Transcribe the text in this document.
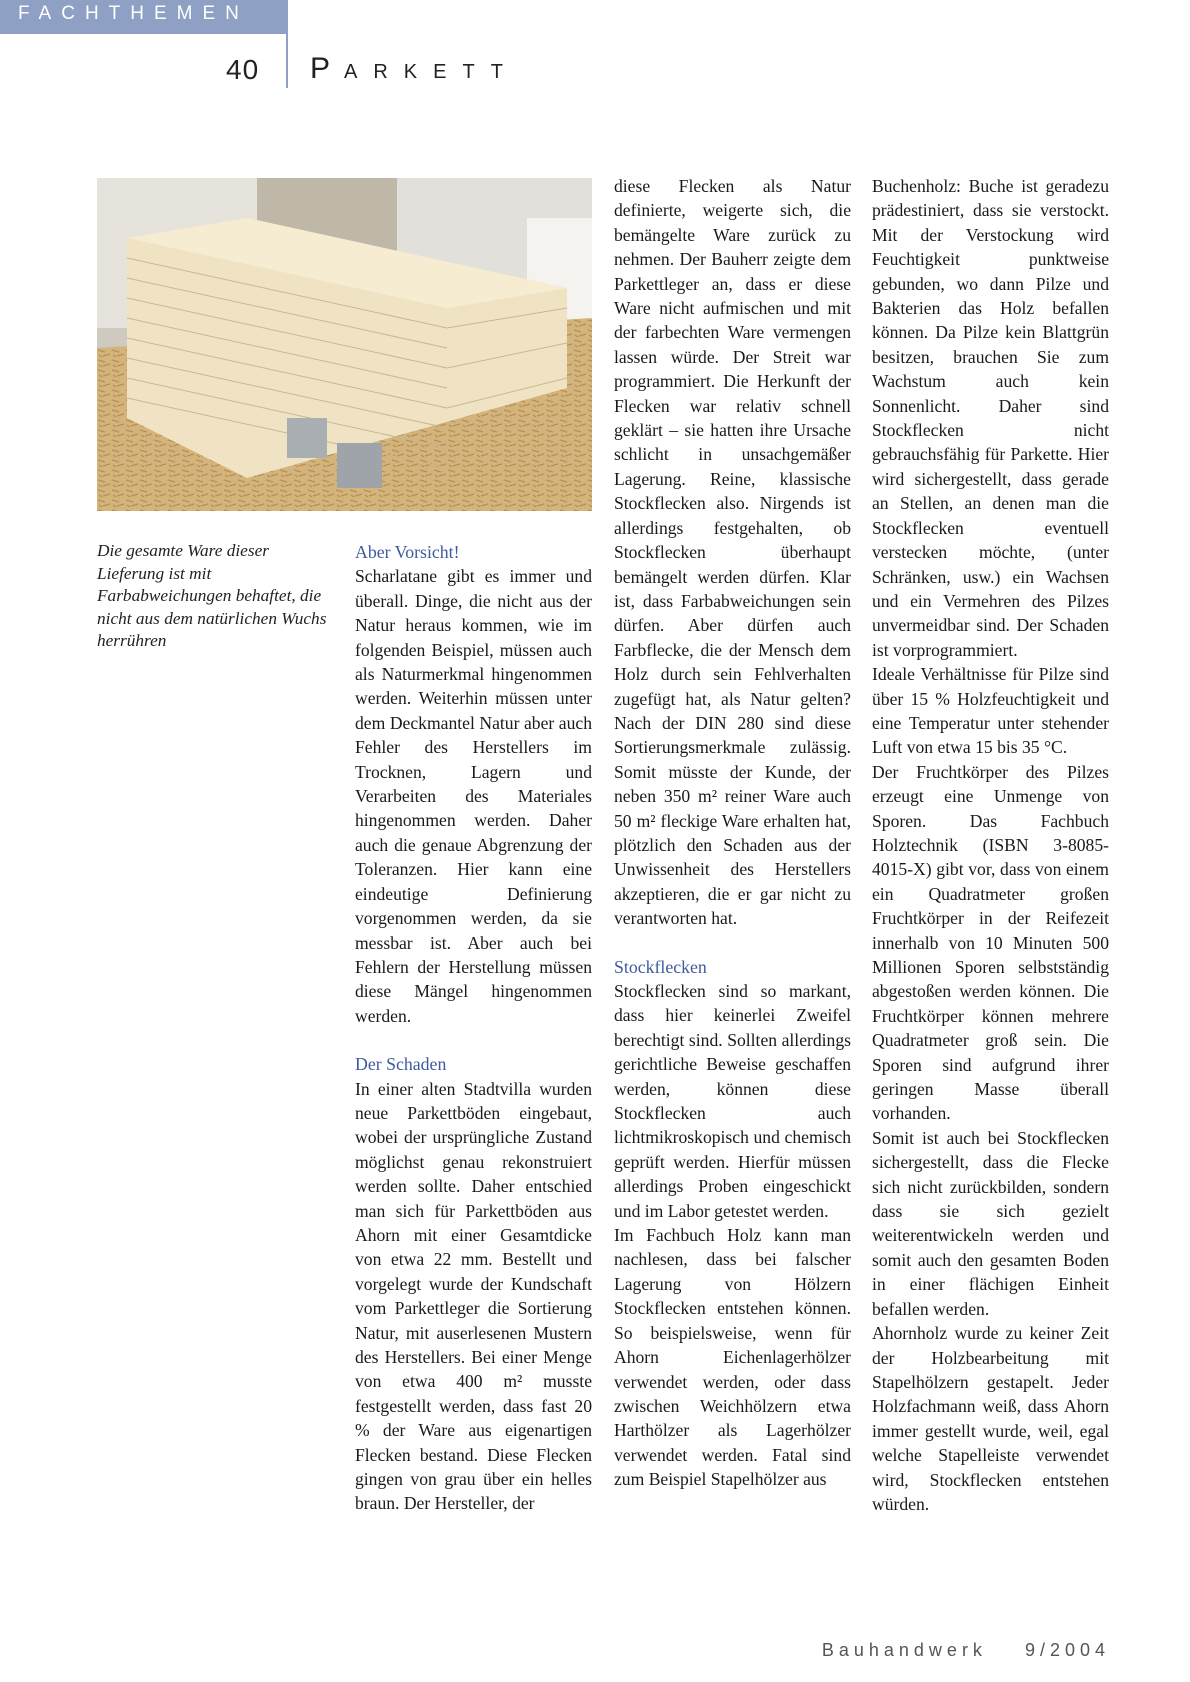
FACHTHEMEN
40 PARKETT
Die gesamte Ware dieser Lieferung ist mit Farbabweichungen behaftet, die nicht aus dem natürlichen Wuchs herrühren
Aber Vorsicht!

Scharlatane gibt es immer und überall. Dinge, die nicht aus der Natur heraus kommen, wie im folgenden Beispiel, müssen auch als Naturmerkmal hingenommen werden. Weiterhin müssen unter dem Deckmantel Natur aber auch Fehler des Herstellers im Trocknen, Lagern und Verarbeiten des Materiales hingenommen werden. Daher auch die genaue Abgrenzung der Toleranzen. Hier kann eine eindeutige Definierung vorgenommen werden, da sie messbar ist. Aber auch bei Fehlern der Herstellung müssen diese Mängel hingenommen werden.

Der Schaden

In einer alten Stadtvilla wurden neue Parkettböden eingebaut, wobei der ursprüngliche Zustand möglichst genau rekonstruiert werden sollte. Daher entschied man sich für Parkettböden aus Ahorn mit einer Gesamtdicke von etwa 22 mm. Bestellt und vorgelegt wurde der Kundschaft vom Parkettleger die Sortierung Natur, mit auserlesenen Mustern des Herstellers. Bei einer Menge von etwa 400 m² musste festgestellt werden, dass fast 20 % der Ware aus eigenartigen Flecken bestand. Diese Flecken gingen von grau über ein helles braun. Der Hersteller, der

diese Flecken als Natur definierte, weigerte sich, die bemängelte Ware zurück zu nehmen. Der Bauherr zeigte dem Parkettleger an, dass er diese Ware nicht aufmischen und mit der farbechten Ware vermengen lassen würde. Der Streit war programmiert. Die Herkunft der Flecken war relativ schnell geklärt – sie hatten ihre Ursache schlicht in unsachgemäßer Lagerung. Reine, klassische Stockflecken also. Nirgends ist allerdings festgehalten, ob Stockflecken überhaupt bemängelt werden dürfen. Klar ist, dass Farbabweichungen sein dürfen. Aber dürfen auch Farbflecke, die der Mensch dem Holz durch sein Fehlverhalten zugefügt hat, als Natur gelten? Nach der DIN 280 sind diese Sortierungsmerkmale zulässig. Somit müsste der Kunde, der neben 350 m² reiner Ware auch 50 m² fleckige Ware erhalten hat, plötzlich den Schaden aus der Unwissenheit des Herstellers akzeptieren, die er gar nicht zu verantworten hat.

Stockflecken

Stockflecken sind so markant, dass hier keinerlei Zweifel berechtigt sind. Sollten allerdings gerichtliche Beweise geschaffen werden, können diese Stockflecken auch lichtmikroskopisch und chemisch geprüft werden. Hierfür müssen allerdings Proben eingeschickt und im Labor getestet werden.

Im Fachbuch Holz kann man nachlesen, dass bei falscher Lagerung von Hölzern Stockflecken entstehen können. So beispielsweise, wenn für Ahorn Eichenlagerhölzer verwendet werden, oder dass zwischen Weichhölzern etwa Harthölzer als Lagerhölzer verwendet werden. Fatal sind zum Beispiel Stapelhölzer aus

Buchenholz: Buche ist geradezu prädestiniert, dass sie verstockt. Mit der Verstockung wird Feuchtigkeit punktweise gebunden, wo dann Pilze und Bakterien das Holz befallen können. Da Pilze kein Blattgrün besitzen, brauchen Sie zum Wachstum auch kein Sonnenlicht. Daher sind Stockflecken nicht gebrauchsfähig für Parkette. Hier wird sichergestellt, dass gerade an Stellen, an denen man die Stockflecken eventuell verstecken möchte, (unter Schränken, usw.) ein Wachsen und ein Vermehren des Pilzes unvermeidbar sind. Der Schaden ist vorprogrammiert.

Ideale Verhältnisse für Pilze sind über 15 % Holzfeuchtigkeit und eine Temperatur unter stehender Luft von etwa 15 bis 35 °C.

Der Fruchtkörper des Pilzes erzeugt eine Unmenge von Sporen. Das Fachbuch Holztechnik (ISBN 3-8085-4015-X) gibt vor, dass von einem ein Quadratmeter großen Fruchtkörper in der Reifezeit innerhalb von 10 Minuten 500 Millionen Sporen selbstständig abgestoßen werden können. Die Fruchtkörper können mehrere Quadratmeter groß sein. Die Sporen sind aufgrund ihrer geringen Masse überall vorhanden.

Somit ist auch bei Stockflecken sichergestellt, dass die Flecke sich nicht zurückbilden, sondern dass sie sich gezielt weiterentwickeln werden und somit auch den gesamten Boden in einer flächigen Einheit befallen werden.

Ahornholz wurde zu keiner Zeit der Holzbearbeitung mit Stapelhölzern gestapelt. Jeder Holzfachmann weiß, dass Ahorn immer gestellt wurde, weil, egal welche Stapelleiste verwendet wird, Stockflecken entstehen würden.

Bauhandwerk 9/2004
